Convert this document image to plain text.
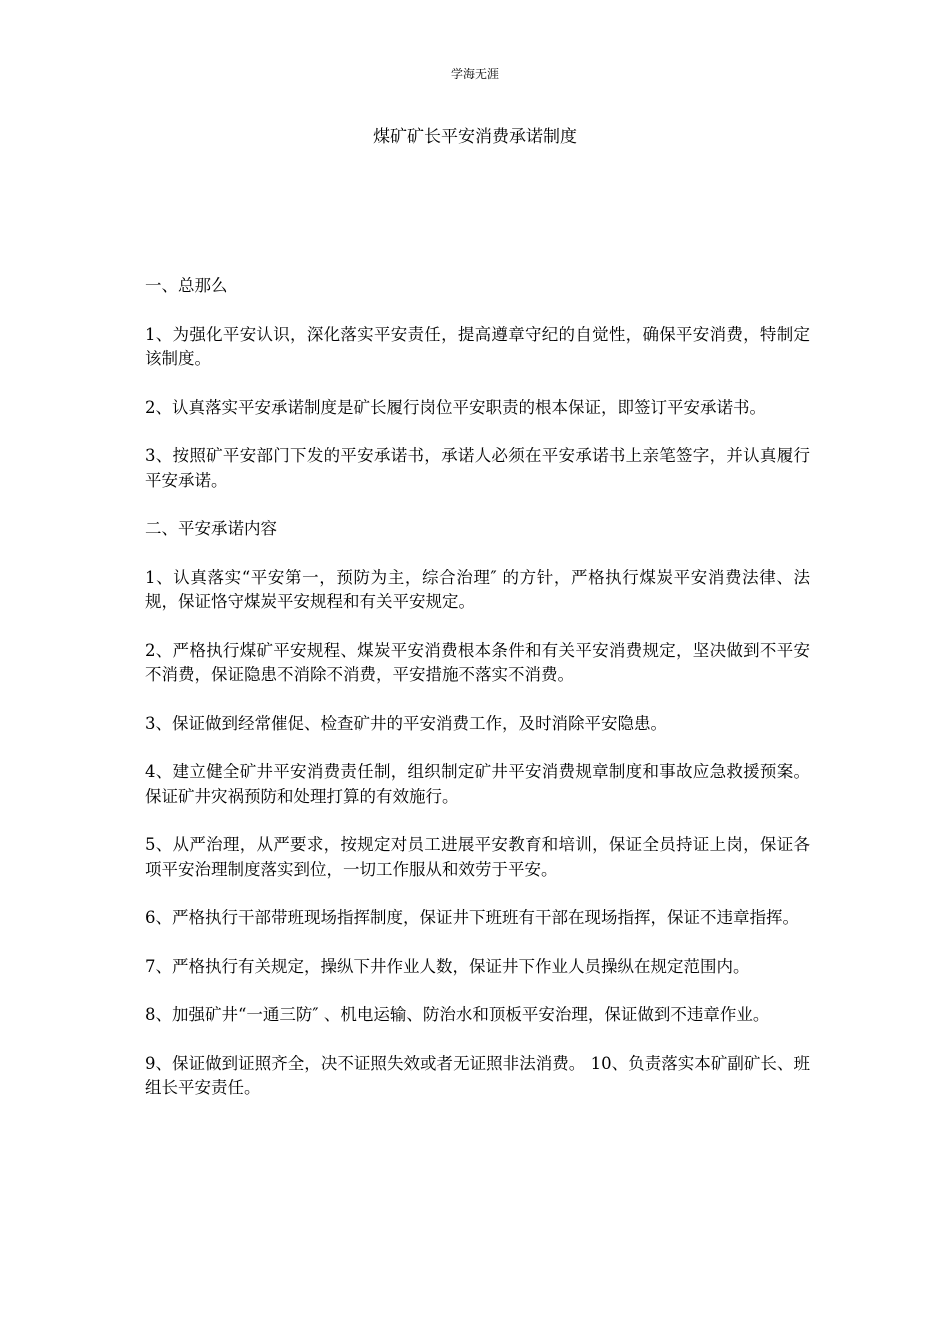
学海无涯
煤矿矿长平安消费承诺制度

一、总那么

1、为强化平安认识，深化落实平安责任，提高遵章守纪的自觉性，确保平安消费，特制定该制度。

2、认真落实平安承诺制度是矿长履行岗位平安职责的根本保证，即签订平安承诺书。

3、按照矿平安部门下发的平安承诺书，承诺人必须在平安承诺书上亲笔签字，并认真履行平安承诺。

二、平安承诺内容

1、认真落实“平安第一，预防为主，综合治理″ 的方针，严格执行煤炭平安消费法律、法规，保证恪守煤炭平安规程和有关平安规定。

2、严格执行煤矿平安规程、煤炭平安消费根本条件和有关平安消费规定，坚决做到不平安不消费，保证隐患不消除不消费，平安措施不落实不消费。

3、保证做到经常催促、检查矿井的平安消费工作，及时消除平安隐患。

4、建立健全矿井平安消费责任制，组织制定矿井平安消费规章制度和事故应急救援预案。保证矿井灾祸预防和处理打算的有效施行。

5、从严治理，从严要求，按规定对员工进展平安教育和培训，保证全员持证上岗，保证各项平安治理制度落实到位，一切工作服从和效劳于平安。

6、严格执行干部带班现场指挥制度，保证井下班班有干部在现场指挥，保证不违章指挥。

7、严格执行有关规定，操纵下井作业人数，保证井下作业人员操纵在规定范围内。

8、加强矿井“一通三防″ 、机电运输、防治水和顶板平安治理，保证做到不违章作业。

9、保证做到证照齐全，决不证照失效或者无证照非法消费。 10、负责落实本矿副矿长、班组长平安责任。
